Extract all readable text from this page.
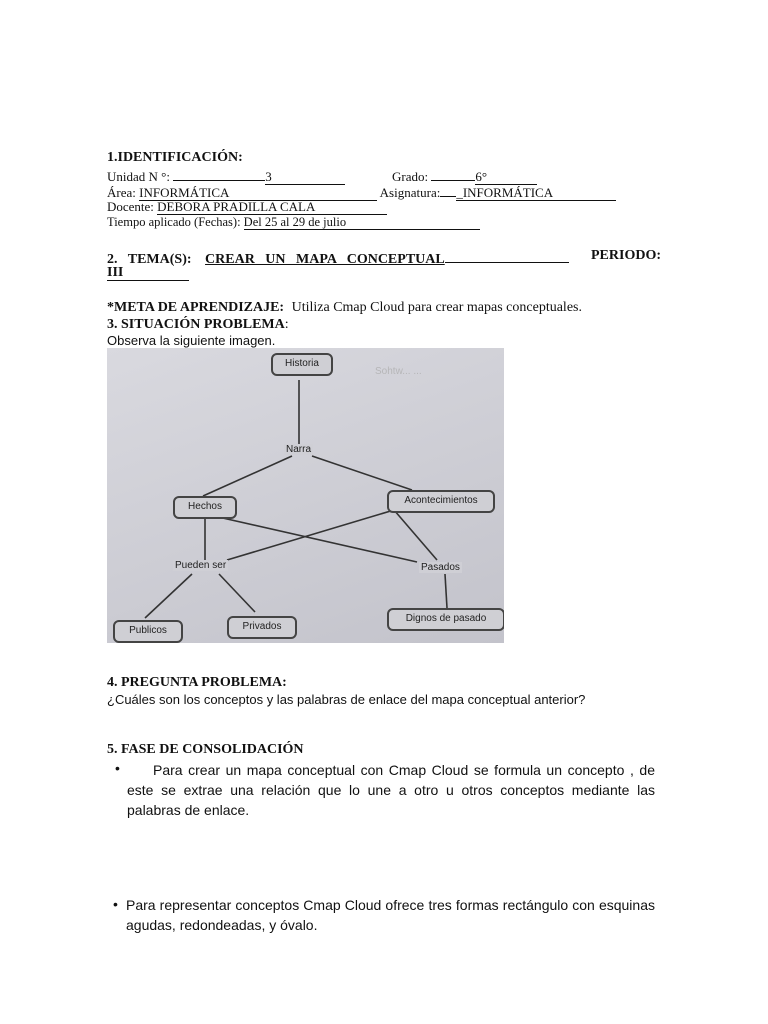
1.IDENTIFICACIÓN:
Unidad N °:	3	Grado:	6°
Área: INFORMÁTICA	Asignatura: _INFORMÁTICA
Docente: DEBORA PRADILLA CALA
Tiempo aplicado (Fechas): Del 25 al 29 de julio
2.   TEMA(S): CREAR   UN   MAPA   CONCEPTUAL	PERIODO:
III
*META DE APRENDIZAJE: Utiliza Cmap Cloud para crear mapas conceptuales.
3. SITUACIÓN PROBLEMA:
Observa la siguiente imagen.
Sohtw... ...
Historia
Narra
Hechos
Acontecimientos
Pueden ser	Pasados
Publicos	Privados
Dignos de pasado
4. PREGUNTA PROBLEMA:
¿Cuáles son los conceptos y las palabras de enlace del mapa conceptual anterior?
5. FASE DE CONSOLIDACIÓN
•	Para crear un mapa conceptual con Cmap Cloud se formula un concepto , de este se extrae una relación que lo une a otro u otros conceptos mediante las palabras de enlace.
• Para representar conceptos Cmap Cloud ofrece tres formas rectángulo con esquinas agudas, redondeadas, y óvalo.
